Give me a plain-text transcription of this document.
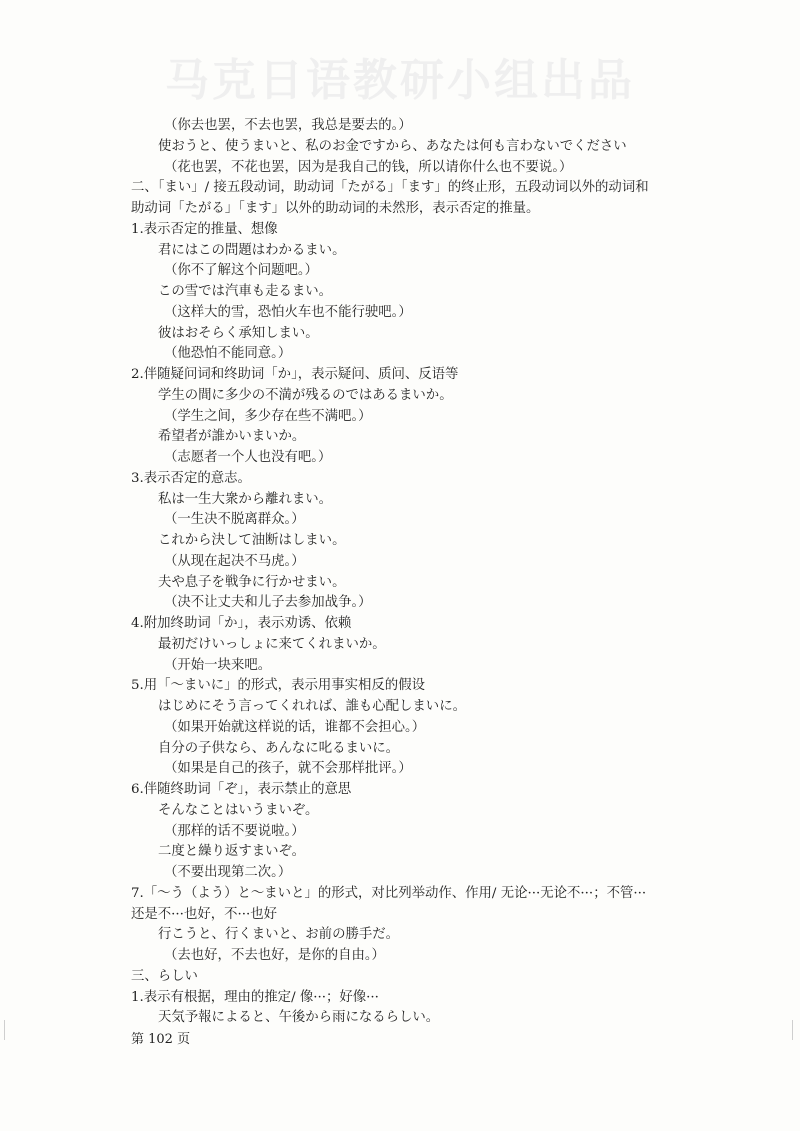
马克日语教研小组出品
（你去也罢，不去也罢，我总是要去的。）
使おうと、使うまいと、私のお金ですから、あなたは何も言わないでください
（花也罢，不花也罢，因为是我自己的钱，所以请你什么也不要说。）
二、「まい」/ 接五段动词，助动词「たがる」「ます」的终止形，五段动词以外的动词和
助动词「たがる」「ます」以外的助动词的未然形，表示否定的推量。
1.表示否定的推量、想像
君にはこの問題はわかるまい。
（你不了解这个问题吧。）
この雪では汽車も走るまい。
（这样大的雪，恐怕火车也不能行驶吧。）
彼はおそらく承知しまい。
（他恐怕不能同意。）
2.伴随疑问词和终助词「か」，表示疑问、质问、反语等
学生の間に多少の不満が残るのではあるまいか。
（学生之间，多少存在些不满吧。）
希望者が誰かいまいか。
（志愿者一个人也没有吧。）
3.表示否定的意志。
私は一生大衆から離れまい。
（一生决不脱离群众。）
これから決して油断はしまい。
（从现在起决不马虎。）
夫や息子を戦争に行かせまい。
（决不让丈夫和儿子去参加战争。）
4.附加终助词「か」，表示劝诱、依赖
最初だけいっしょに来てくれまいか。
（开始一块来吧。
5.用「～まいに」的形式，表示用事实相反的假设
はじめにそう言ってくれれば、誰も心配しまいに。
（如果开始就这样说的话，谁都不会担心。）
自分の子供なら、あんなに叱るまいに。
（如果是自己的孩子，就不会那样批评。）
6.伴随终助词「ぞ」，表示禁止的意思
そんなことはいうまいぞ。
（那样的话不要说啦。）
二度と繰り返すまいぞ。
（不要出现第二次。）
7.「～う（よう）と～まいと」的形式，对比列举动作、作用/ 无论···无论不···；不管···
还是不···也好，不···也好
行こうと、行くまいと、お前の勝手だ。
（去也好，不去也好，是你的自由。）
三、らしい
1.表示有根据，理由的推定/ 像···；好像···
天気予報によると、午後から雨になるらしい。
第 102 页
